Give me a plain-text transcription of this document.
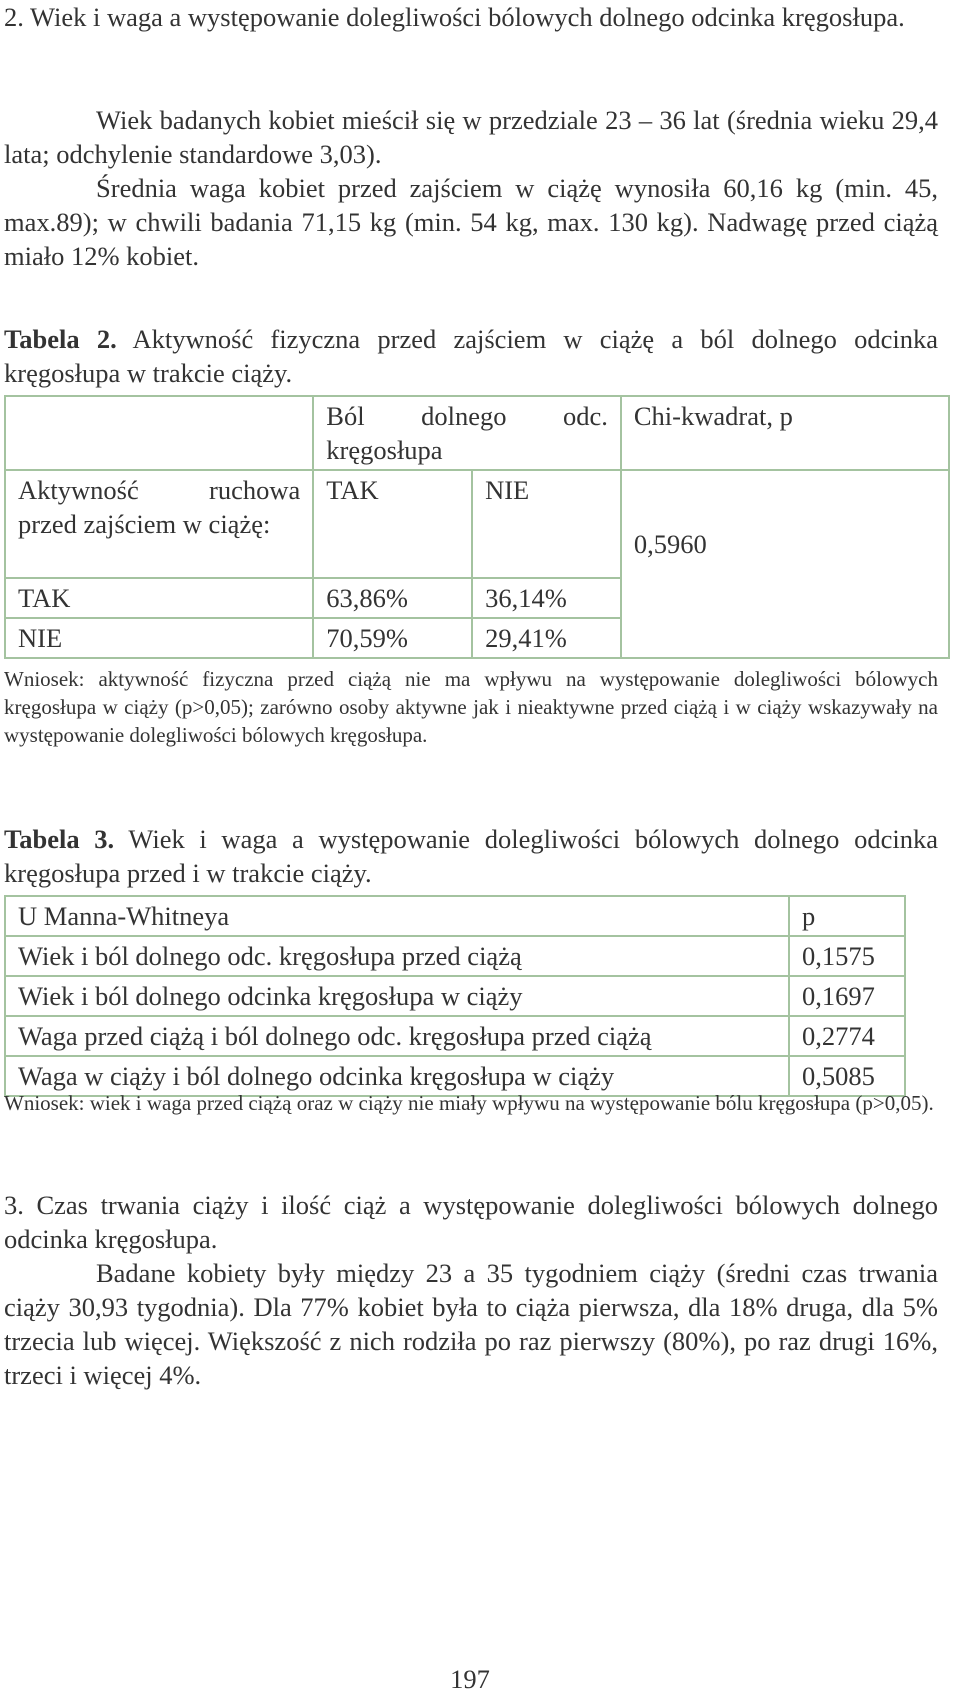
2. Wiek i waga a występowanie dolegliwości bólowych dolnego odcinka kręgosłupa.

Wiek badanych kobiet mieścił się w przedziale 23 – 36 lat (średnia wieku 29,4 lata; odchylenie standardowe 3,03).

Średnia waga kobiet przed zajściem w ciążę wynosiła 60,16 kg (min. 45, max.89); w chwili badania 71,15 kg (min. 54 kg, max. 130 kg). Nadwagę przed ciążą miało 12% kobiet.

Tabela 2. Aktywność fizyczna przed zajściem w ciążę a ból dolnego odcinka kręgosłupa w trakcie ciąży.

	Ból dolnego odc. kręgosłupa		Chi-kwadrat, p
Aktywność ruchowa przed zajściem w ciążę:	TAK	NIE	0,5960
TAK	63,86%	36,14%	
NIE	70,59%	29,41%	

Wniosek: aktywność fizyczna przed ciążą nie ma wpływu na występowanie dolegliwości bólowych kręgosłupa w ciąży (p>0,05); zarówno osoby aktywne jak i nieaktywne przed ciążą i w ciąży wskazywały na występowanie dolegliwości bólowych kręgosłupa.

Tabela 3. Wiek i waga a występowanie dolegliwości bólowych dolnego odcinka kręgosłupa przed i w trakcie ciąży.

U Manna-Whitneya	p
Wiek i ból dolnego odc. kręgosłupa przed ciążą	0,1575
Wiek i ból dolnego odcinka kręgosłupa w ciąży	0,1697
Waga przed ciążą i ból dolnego odc. kręgosłupa przed ciążą	0,2774
Waga w ciąży i ból dolnego odcinka kręgosłupa w ciąży	0,5085

Wniosek: wiek i waga przed ciążą oraz w ciąży nie miały wpływu na występowanie bólu kręgosłupa (p>0,05).

3. Czas trwania ciąży i ilość ciąż a występowanie dolegliwości bólowych dolnego odcinka kręgosłupa.

Badane kobiety były między 23 a 35 tygodniem ciąży (średni czas trwania ciąży 30,93 tygodnia). Dla 77% kobiet była to ciąża pierwsza, dla 18% druga, dla 5% trzecia lub więcej. Większość z nich rodziła po raz pierwszy (80%), po raz drugi 16%, trzeci i więcej 4%.

197
